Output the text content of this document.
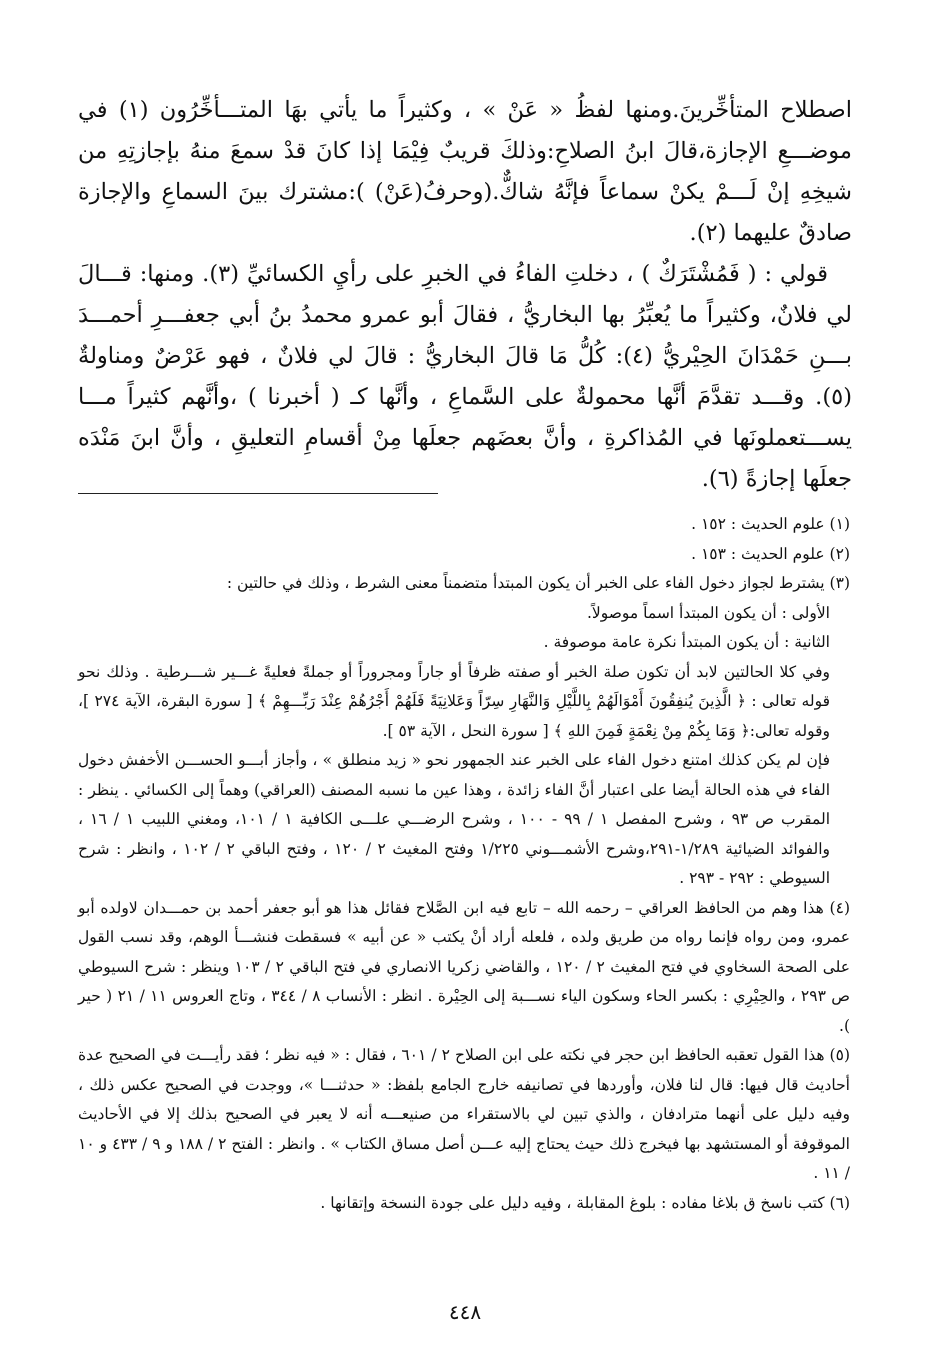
اصطلاح المتأخِّرينَ.ومنها لفظُ « عَنْ » ، وكثيراً ما يأتي بهَا المتـــأخِّرُون (١) في موضـــعِ الإجازة،قالَ ابنُ الصلاحِ:وذلكَ قريبٌ فِيْمَا إذا كانَ قدْ سمعَ منهُ بإجازتِهِ من شيخِهِ إنْ لَـــمْ يكنْ سماعاً فإنَّهُ شاكٌّ.(وحرفُ(عَنْ) ):مشترك بينَ السماعِ والإجازة صادقٌ عليهما (٢).

قولي : ( فَمُشْتَرَكٌ ) ، دخلتِ الفاءُ في الخبرِ على رأيِ الكسائيِّ (٣). ومنها: قـــالَ لي فلانٌ، وكثيراً ما يُعبِّرُ بها البخاريُّ ، فقالَ أبو عمرو محمدُ بنُ أبي جعفـــرِ أحمـــدَ بـــنِ حَمْدَانَ الحِيْريُّ (٤): كُلُّ مَا قالَ البخاريُّ : قالَ لي فلانٌ ، فهو عَرْضٌ ومناولةٌ (٥). وقـــد تقدَّمَ أنَّها محمولةٌ على السَّماعِ ، وأنَّها كـ ( أخبرنا ) ،وأنَّهم كثيراً مـــا يســـتعملونَها في المُذاكرةِ ، وأنَّ بعضَهم جعلَها مِنْ أقسامِ التعليقِ ، وأنَّ ابنَ مَنْدَه جعلَها إجازةً (٦).

(١) علوم الحديث : ١٥٢ .

(٢) علوم الحديث : ١٥٣ .

(٣) يشترط لجواز دخول الفاء على الخبر أن يكون المبتدأ متضمناً معنى الشرط ، وذلك في حالتين :

الأولى : أن يكون المبتدأ اسماً موصولاً.

الثانية : أن يكون المبتدأ نكرة عامة موصوفة .

وفي كلا الحالتين لابد أن تكون صلة الخبر أو صفته ظرفاً أو جاراً ومجروراً أو جملةً فعليةً غـــير شـــرطية . وذلك نحو قوله تعالى : ﴿ الَّذِينَ يُنفِقُونَ أَمْوَالَهُمْ بِاللَّيْلِ وَالنَّهَارِ سِرّاً وَعَلانِيَةً فَلَهُمْ أَجْرُهُمْ عِنْدَ رَبِّـــهِمْ ﴾ [ سورة البقرة، الآية ٢٧٤ ]، وقوله تعالى:﴿ وَمَا بِكُمْ مِنْ نِعْمَةٍ فَمِنَ اللهِ ﴾ [ سورة النحل ، الآية ٥٣ ].

فإن لم يكن كذلك امتنع دخول الفاء على الخبر عند الجمهور نحو « زيد منطلق » ، وأجاز أبـــو الحســـن الأخفش دخول الفاء في هذه الحالة أيضا على اعتبار أنَّ الفاء زائدة ، وهذا عين ما نسبه المصنف (العراقي) وهماً إلى الكسائي . ينظر : المقرب ص ٩٣ ، وشرح المفصل ١ / ٩٩ - ١٠٠ ، وشرح الرضـــي علـــى الكافية ١ / ١٠١، ومغني اللبيب ١ / ١٦ ، والفوائد الضيائية ١/٢٨٩-٢٩١،وشرح الأشمـــوني ١/٢٢٥ وفتح المغيث ٢ / ١٢٠ ، وفتح الباقي ٢ / ١٠٢ ، وانظر : شرح السيوطي : ٢٩٢ - ٢٩٣ .

(٤) هذا وهم من الحافظ العراقي – رحمه الله – تابع فيه ابن الصَّلاح فقائل هذا هو أبو جعفر أحمد بن حمـــدان لاولده أبو عمرو، ومن رواه فإنما رواه من طريق ولده ، فلعله أراد أنْ يكتب « عن أبيه » فسقطت فنشـــأ الوهم، وقد نسب القول على الصحة السخاوي في فتح المغيث ٢ / ١٢٠ ، والقاضي زكريا الانصاري في فتح الباقي ٢ / ١٠٣ وينظر : شرح السيوطي ص ٢٩٣ ، والحِيْرِي : بكسر الحاء وسكون الياء نســـبة إلى الحِيْرة . انظر : الأنساب ٨ / ٣٤٤ ، وتاج العروس ١١ / ٢١ ( حير ).

(٥) هذا القول تعقبه الحافظ ابن حجر في نكته على ابن الصلاح ٢ / ٦٠١ ، فقال : « فيه نظر ؛ فقد رأيـــت في الصحيح عدة أحاديث قال فيها: قال لنا فلان، وأوردها في تصانيفه خارج الجامع بلفظ: « حدثنـــا »، ووجدت في الصحيح عكس ذلك ، وفيه دليل على أنهما مترادفان ، والذي تبين لي بالاستقراء من صنيعـــه أنه لا يعبر في الصحيح بذلك إلا في الأحاديث الموقوفة أو المستشهد بها فيخرج ذلك حيث يحتاج إليه عـــن أصل مساق الكتاب » . وانظر : الفتح ٢ / ١٨٨ و ٩ / ٤٣٣ و ١٠ / ١١ .

(٦) كتب ناسخ ق بلاغا مفاده : بلوغ المقابلة ، وفيه دليل على جودة النسخة وإتقانها .

٤٤٨
